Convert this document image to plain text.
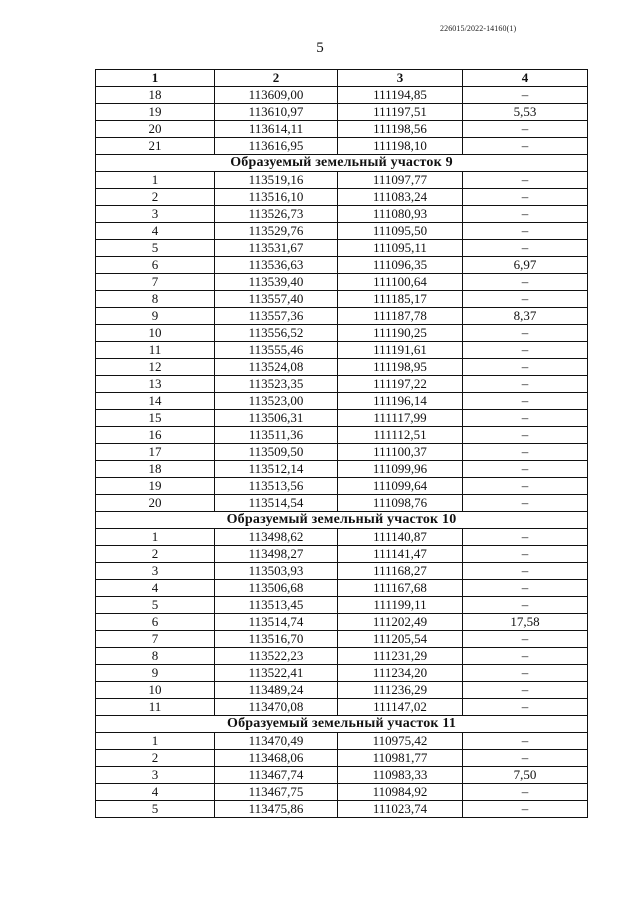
226015/2022-14160(1)
5
1	2	3	4
18	113609,00	111194,85	–
19	113610,97	111197,51	5,53
20	113614,11	111198,56	–
21	113616,95	111198,10	–
Образуемый земельный участок 9			
1	113519,16	111097,77	–
2	113516,10	111083,24	–
3	113526,73	111080,93	–
4	113529,76	111095,50	–
5	113531,67	111095,11	–
6	113536,63	111096,35	6,97
7	113539,40	111100,64	–
8	113557,40	111185,17	–
9	113557,36	111187,78	8,37
10	113556,52	111190,25	–
11	113555,46	111191,61	–
12	113524,08	111198,95	–
13	113523,35	111197,22	–
14	113523,00	111196,14	–
15	113506,31	111117,99	–
16	113511,36	111112,51	–
17	113509,50	111100,37	–
18	113512,14	111099,96	–
19	113513,56	111099,64	–
20	113514,54	111098,76	–
Образуемый земельный участок 10			
1	113498,62	111140,87	–
2	113498,27	111141,47	–
3	113503,93	111168,27	–
4	113506,68	111167,68	–
5	113513,45	111199,11	–
6	113514,74	111202,49	17,58
7	113516,70	111205,54	–
8	113522,23	111231,29	–
9	113522,41	111234,20	–
10	113489,24	111236,29	–
11	113470,08	111147,02	–
Образуемый земельный участок 11			
1	113470,49	110975,42	–
2	113468,06	110981,77	–
3	113467,74	110983,33	7,50
4	113467,75	110984,92	–
5	113475,86	111023,74	–
